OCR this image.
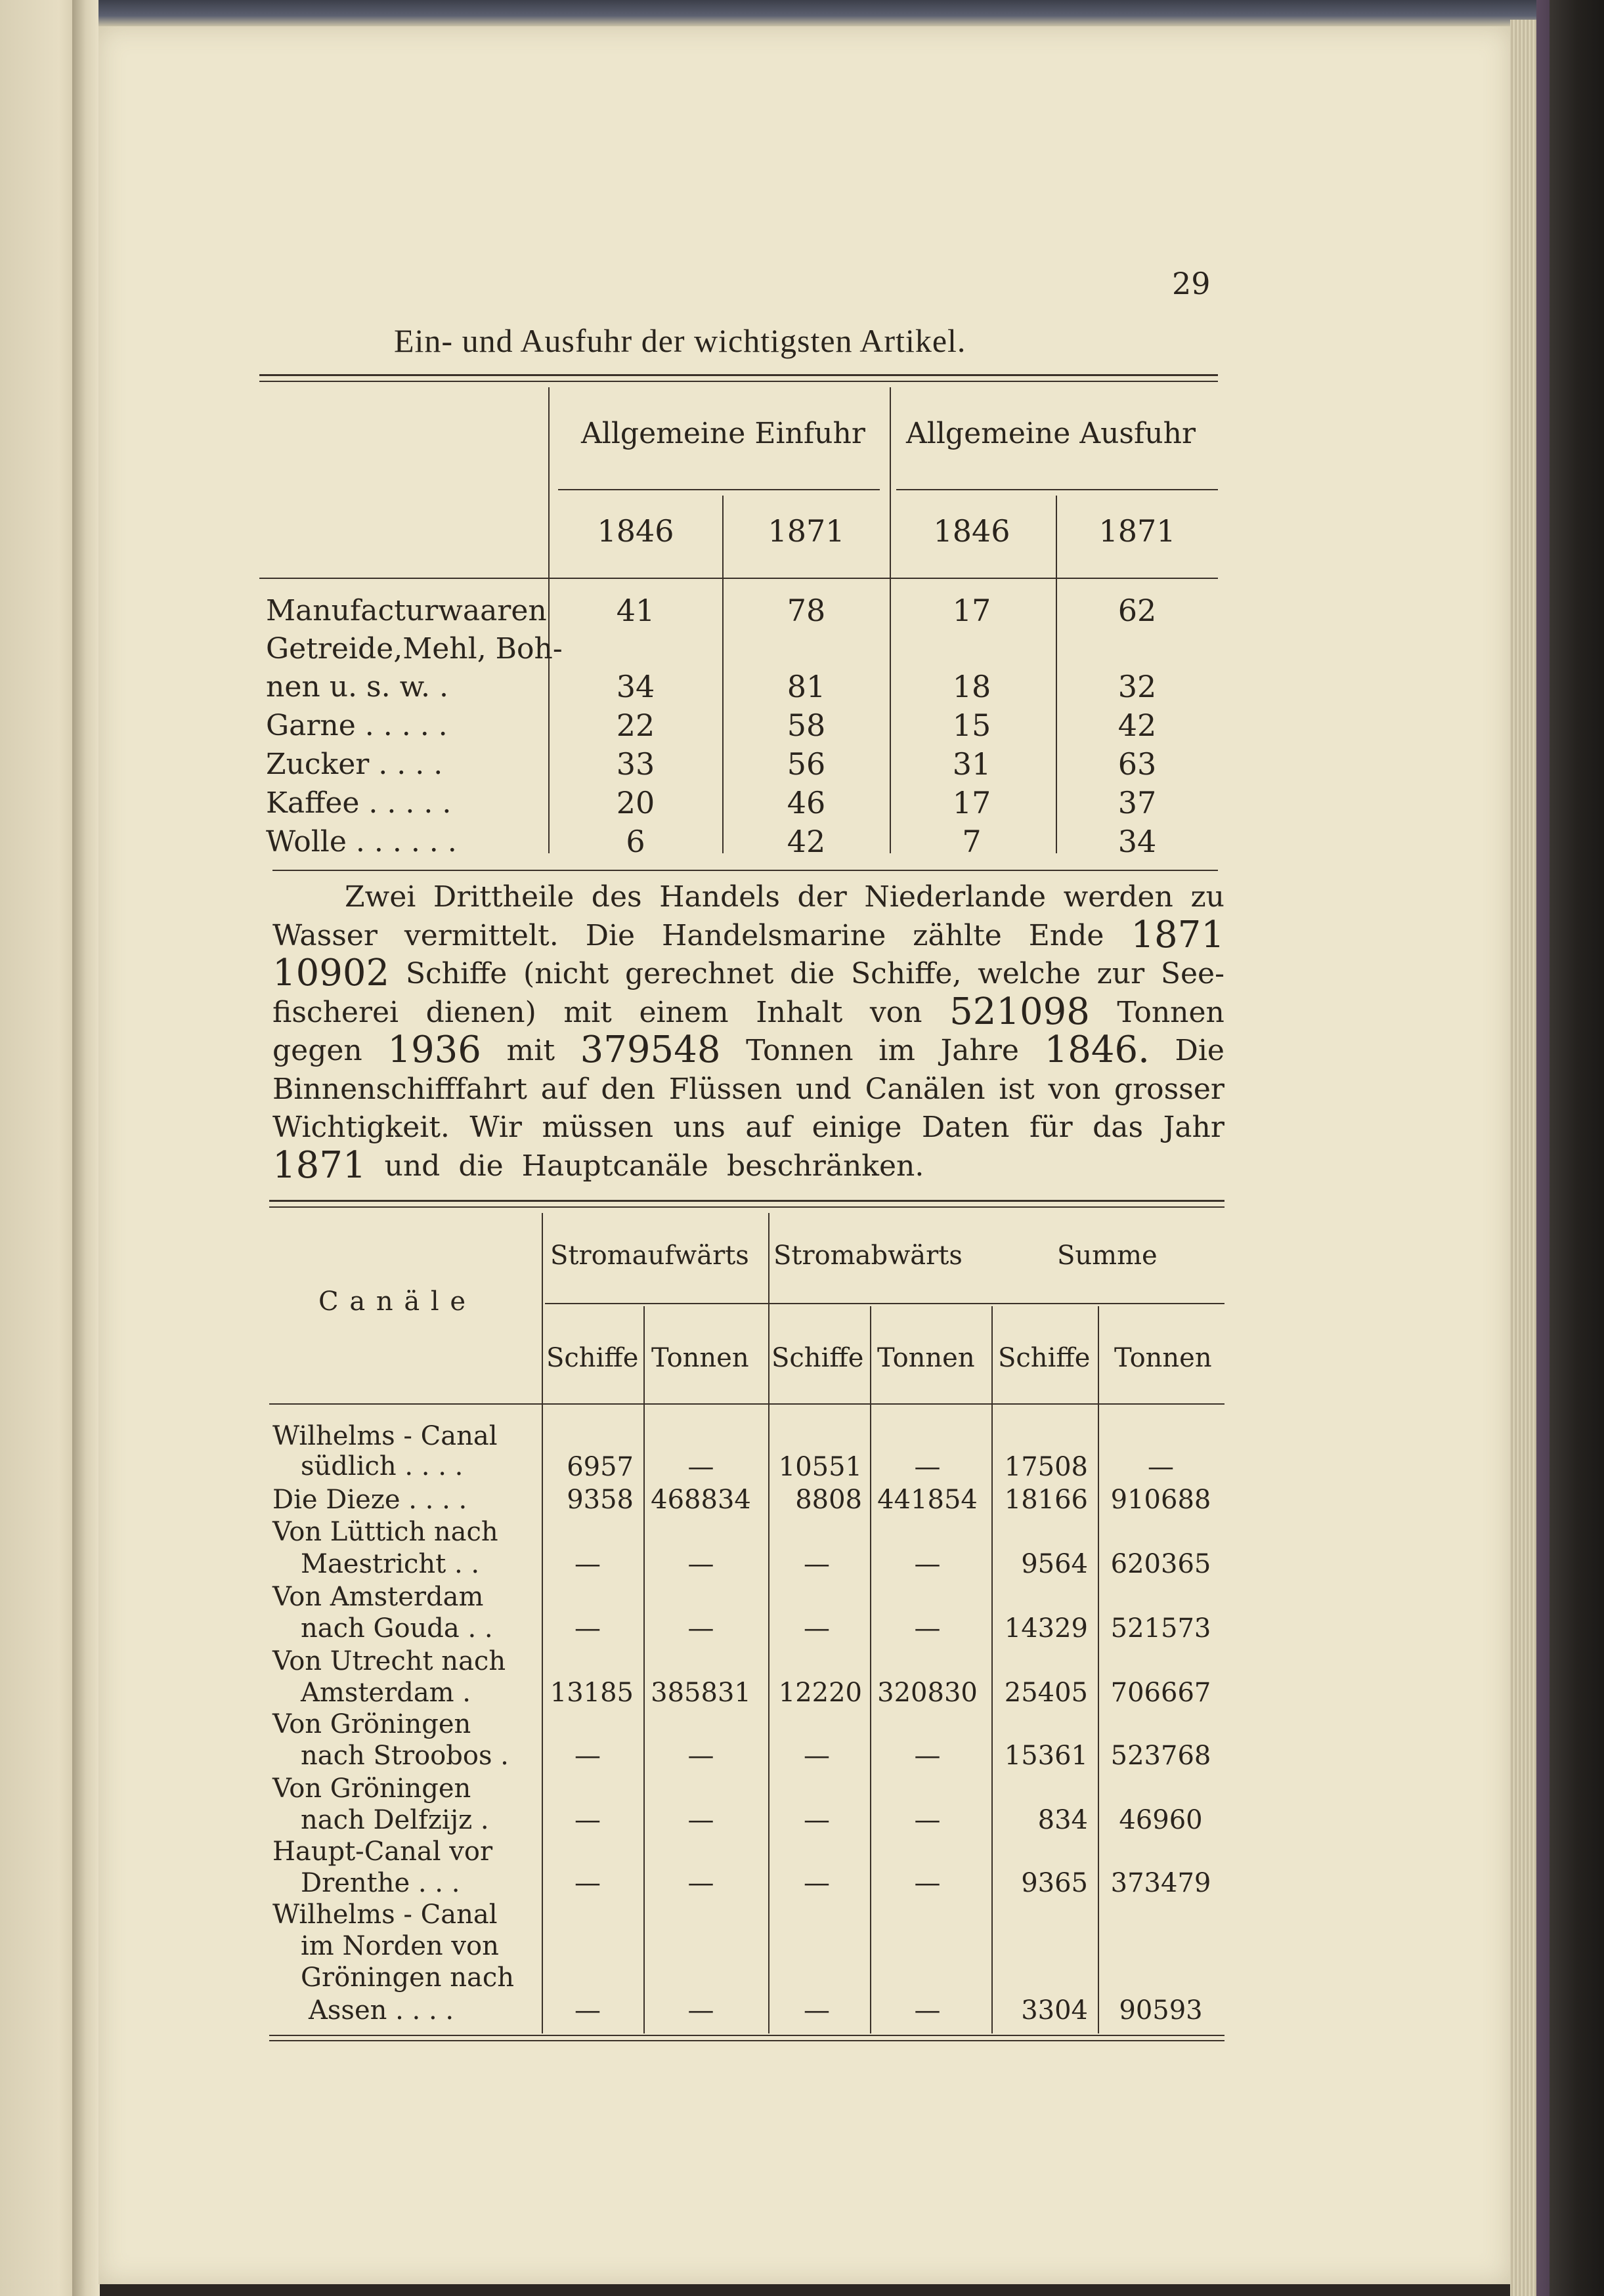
29
Ein- und Ausfuhr der wichtigsten Artikel.
Allgemeine Einfuhr Allgemeine Ausfuhr
1846	1871	1846	1871
Manufacturwaaren	41	78	17	62
Getreide,Mehl, Boh-
nen u. s. w. .	34	81	18	32
Garne . . . . .	22	58	15	42
Zucker . . . .	33	56	31	63
Kaffee . . . . .	20	46	17	37
Wolle . . . . . .	6	42	7	34
Zwei Drittheile des Handels der Niederlande werden zu
Wasser vermittelt. Die Handelsmarine zählte Ende 1871
10902 Schiffe (nicht gerechnet die Schiffe, welche zur See-
fischerei dienen) mit einem Inhalt von 521098 Tonnen
gegen 1936 mit 379548 Tonnen im Jahre 1846. Die
Binnenschifffahrt auf den Flüssen und Canälen ist von grosser
Wichtigkeit. Wir müssen uns auf einige Daten für das Jahr
1871
und
die
Hauptcanäle
beschränken.
Stromaufwärts Stromabwärts	Summe
C a n ä l e
Schiffe Tonnen Schiffe Tonnen Schiffe Tonnen
Wilhelms - Canal
südlich . . . .	6957	—	10551	—	17508	—
Die Dieze . . . .	9358 468834	8808 441854	18166 910688
Von Lüttich nach
Maestricht . .	—	—	—	—	9564 620365
Von Amsterdam
nach Gouda . .	—	—	—	—	14329 521573
Von Utrecht nach
Amsterdam .	13185 385831 12220 320830	25405 706667
Von Gröningen
nach Stroobos .	—	—	—	—	15361 523768
Von Gröningen
nach Delfzijz .	—	—	—	—	834	46960
Haupt-Canal vor
Drenthe . . .	—	—	—	—	9365 373479
Wilhelms - Canal
im Norden von
Gröningen nach
Assen . . . .	—	—	—	—	3304	90593
